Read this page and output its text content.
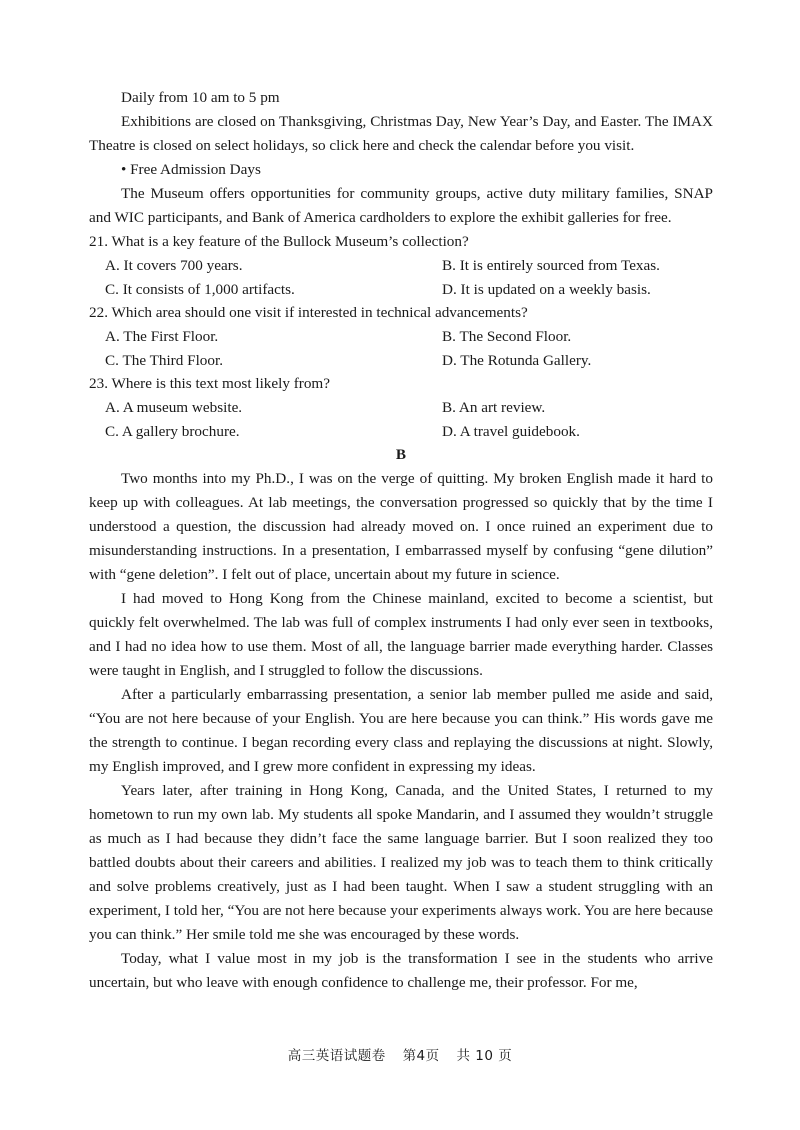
Daily from 10 am to 5 pm

Exhibitions are closed on Thanksgiving, Christmas Day, New Year’s Day, and Easter. The IMAX Theatre is closed on select holidays, so click here and check the calendar before you visit.

• Free Admission Days

The Museum offers opportunities for community groups, active duty military families, SNAP and WIC participants, and Bank of America cardholders to explore the exhibit galleries for free.

21. What is a key feature of the Bullock Museum’s collection?

A. It covers 700 years.	B. It is entirely sourced from Texas.
C. It consists of 1,000 artifacts.	D. It is updated on a weekly basis.

22. Which area should one visit if interested in technical advancements?

A. The First Floor.	B. The Second Floor.
C. The Third Floor.	D. The Rotunda Gallery.

23. Where is this text most likely from?

A. A museum website.	B. An art review.
C. A gallery brochure.	D. A travel guidebook.

B

Two months into my Ph.D., I was on the verge of quitting. My broken English made it hard to keep up with colleagues. At lab meetings, the conversation progressed so quickly that by the time I understood a question, the discussion had already moved on. I once ruined an experiment due to misunderstanding instructions. In a presentation, I embarrassed myself by confusing “gene dilution” with “gene deletion”. I felt out of place, uncertain about my future in science.

I had moved to Hong Kong from the Chinese mainland, excited to become a scientist, but quickly felt overwhelmed. The lab was full of complex instruments I had only ever seen in textbooks, and I had no idea how to use them. Most of all, the language barrier made everything harder. Classes were taught in English, and I struggled to follow the discussions.

After a particularly embarrassing presentation, a senior lab member pulled me aside and said, “You are not here because of your English. You are here because you can think.” His words gave me the strength to continue. I began recording every class and replaying the discussions at night. Slowly, my English improved, and I grew more confident in expressing my ideas.

Years later, after training in Hong Kong, Canada, and the United States, I returned to my hometown to run my own lab. My students all spoke Mandarin, and I assumed they wouldn’t struggle as much as I had because they didn’t face the same language barrier. But I soon realized they too battled doubts about their careers and abilities. I realized my job was to teach them to think critically and solve problems creatively, just as I had been taught. When I saw a student struggling with an experiment, I told her, “You are not here because your experiments always work. You are here because you can think.” Her smile told me she was encouraged by these words.

Today, what I value most in my job is the transformation I see in the students who arrive uncertain, but who leave with enough confidence to challenge me, their professor. For me,

高三英语试题卷 第4页 共 10 页
